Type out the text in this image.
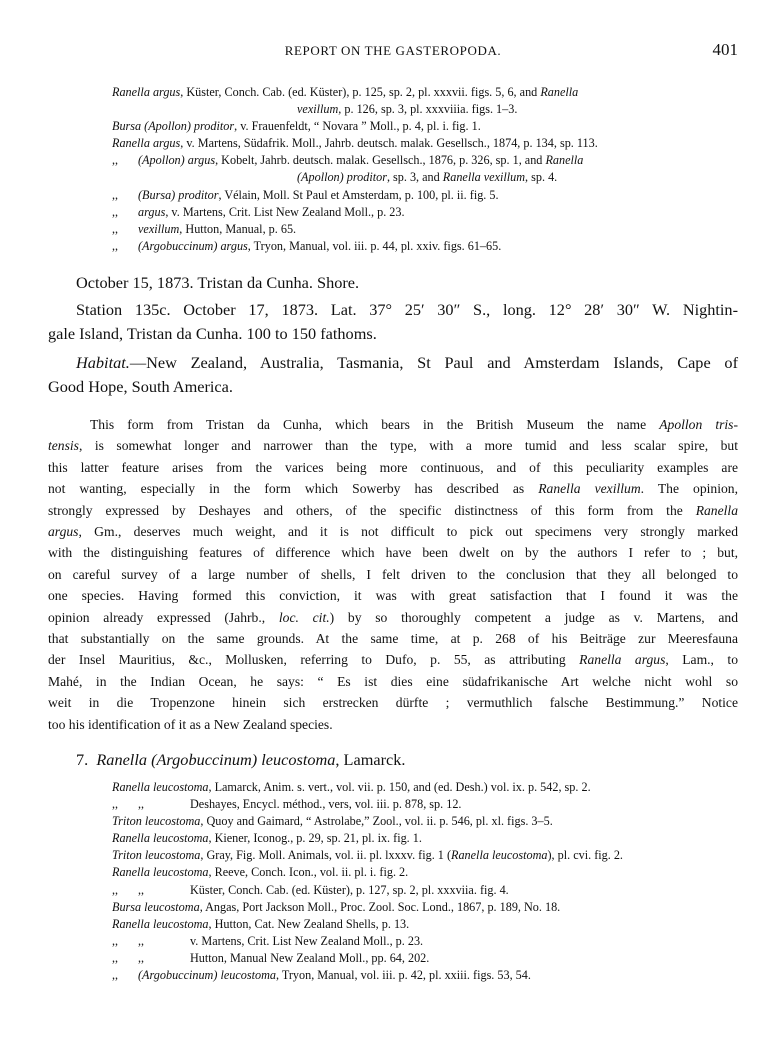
REPORT ON THE GASTEROPODA.	401
Ranella argus, Küster, Conch. Cab. (ed. Küster), p. 125, sp. 2, pl. xxxvii. figs. 5, 6, and Ranella
vexillum, p. 126, sp. 3, pl. xxxviiia. figs. 1–3.
Bursa (Apollon) proditor, v. Frauenfeldt, “ Novara ” Moll., p. 4, pl. i. fig. 1.
Ranella argus, v. Martens, Südafrik. Moll., Jahrb. deutsch. malak. Gesellsch., 1874, p. 134, sp. 113.
,, (Apollon) argus, Kobelt, Jahrb. deutsch. malak. Gesellsch., 1876, p. 326, sp. 1, and Ranella
(Apollon) proditor, sp. 3, and Ranella vexillum, sp. 4.
,, (Bursa) proditor, Vélain, Moll. St Paul et Amsterdam, p. 100, pl. ii. fig. 5.
,, argus, v. Martens, Crit. List New Zealand Moll., p. 23.
,, vexillum, Hutton, Manual, p. 65.
,, (Argobuccinum) argus, Tryon, Manual, vol. iii. p. 44, pl. xxiv. figs. 61–65.
October 15, 1873. Tristan da Cunha. Shore.
Station 135c. October 17, 1873. Lat. 37° 25′ 30″ S., long. 12° 28′ 30″ W. Nightin-
gale Island, Tristan da Cunha. 100 to 150 fathoms.
Habitat.—New Zealand, Australia, Tasmania, St Paul and Amsterdam Islands, Cape of
Good Hope, South America.
This form from Tristan da Cunha, which bears in the British Museum the name Apollon tris-
tensis, is somewhat longer and narrower than the type, with a more tumid and less scalar spire, but
this latter feature arises from the varices being more continuous, and of this peculiarity examples are
not wanting, especially in the form which Sowerby has described as Ranella vexillum. The opinion,
strongly expressed by Deshayes and others, of the specific distinctness of this form from the Ranella
argus, Gm., deserves much weight, and it is not difficult to pick out specimens very strongly marked
with the distinguishing features of difference which have been dwelt on by the authors I refer to ; but,
on careful survey of a large number of shells, I felt driven to the conclusion that they all belonged to
one species. Having formed this conviction, it was with great satisfaction that I found it was the
opinion already expressed (Jahrb., loc. cit.) by so thoroughly competent a judge as v. Martens, and
that substantially on the same grounds. At the same time, at p. 268 of his Beiträge zur Meeresfauna
der Insel Mauritius, &c., Mollusken, referring to Dufo, p. 55, as attributing Ranella argus, Lam., to
Mahé, in the Indian Ocean, he says: “ Es ist dies eine südafrikanische Art welche nicht wohl so
weit in die Tropenzone hinein sich erstrecken dürfte ; vermuthlich falsche Bestimmung.” Notice
too his identification of it as a New Zealand species.
7. Ranella (Argobuccinum) leucostoma, Lamarck.
Ranella leucostoma, Lamarck, Anim. s. vert., vol. vii. p. 150, and (ed. Desh.) vol. ix. p. 542, sp. 2.
,, ,,	Deshayes, Encycl. méthod., vers, vol. iii. p. 878, sp. 12.
Triton leucostoma, Quoy and Gaimard, “ Astrolabe,” Zool., vol. ii. p. 546, pl. xl. figs. 3–5.
Ranella leucostoma, Kiener, Iconog., p. 29, sp. 21, pl. ix. fig. 1.
Triton leucostoma, Gray, Fig. Moll. Animals, vol. ii. pl. lxxxv. fig. 1 (Ranella leucostoma), pl. cvi. fig. 2.
Ranella leucostoma, Reeve, Conch. Icon., vol. ii. pl. i. fig. 2.
,, ,,	Küster, Conch. Cab. (ed. Küster), p. 127, sp. 2, pl. xxxviia. fig. 4.
Bursa leucostoma, Angas, Port Jackson Moll., Proc. Zool. Soc. Lond., 1867, p. 189, No. 18.
Ranella leucostoma, Hutton, Cat. New Zealand Shells, p. 13.
,, ,,	v. Martens, Crit. List New Zealand Moll., p. 23.
,, ,,	Hutton, Manual New Zealand Moll., pp. 64, 202.
,, (Argobuccinum) leucostoma, Tryon, Manual, vol. iii. p. 42, pl. xxiii. figs. 53, 54.
